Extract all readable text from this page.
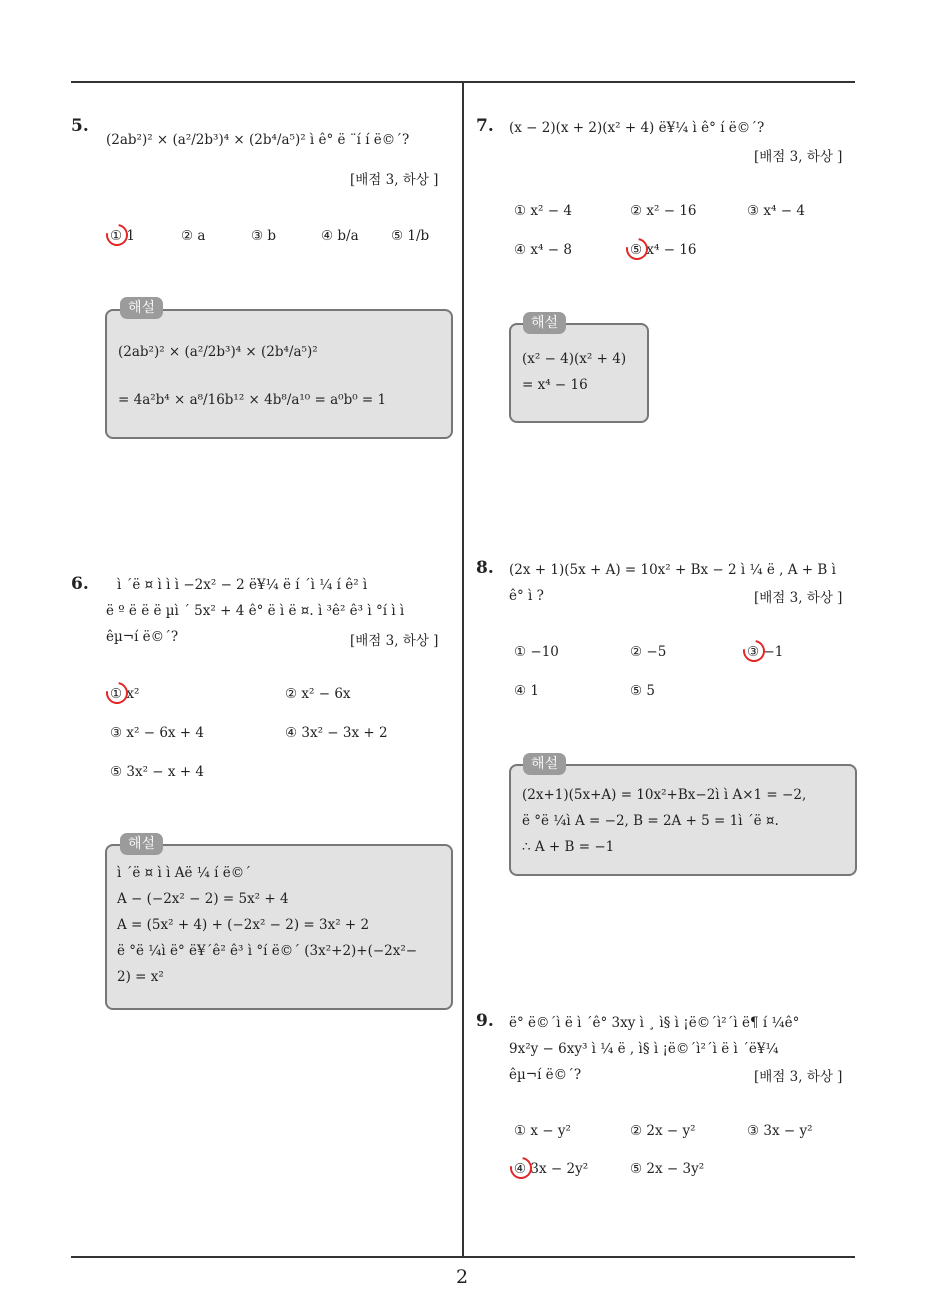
5.
(2ab²)² × (a²/2b³)⁴ × (2b⁴/a⁵)² ì ê° ë ¨í í ë©´?
[배점 3, 하상 ]
① 1	② a	③ b	④ b/a ⑤ 1/b
해설
(2ab²)² × (a²/2b³)⁴ × (2b⁴/a⁵)²
= 4a²b⁴ × a⁸/16b¹² × 4b⁸/a¹⁰ = a⁰b⁰ = 1
6. ì ´ë ¤ ì ì ì −2x² − 2 ë¥¼ ë í ´ì ¼ í ê² ì
ë º ë ë ë µì ´ 5x² + 4 ê° ë ì ë ¤. ì ³ê² ê³ ì °í ì ì
êµ¬í ë©´?	[배점 3, 하상 ]
① x²	② x² − 6x
③ x² − 6x + 4	④ 3x² − 3x + 2
⑤ 3x² − x + 4
해설
ì ´ë ¤ ì ì Aë ¼ í ë©´
A − (−2x² − 2) = 5x² + 4
A = (5x² + 4) + (−2x² − 2) = 3x² + 2
ë °ë ¼ì ë° ë¥´ê² ê³ ì °í ë©´ (3x²+2)+(−2x²−
2) = x²
7. (x − 2)(x + 2)(x² + 4) ë¥¼ ì ê° í ë©´?
[배점 3, 하상 ]
① x² − 4	② x² − 16	③ x⁴ − 4
④ x⁴ − 8	⑤ x⁴ − 16
해설
(x² − 4)(x² + 4)
= x⁴ − 16
8. (2x + 1)(5x + A) = 10x² + Bx − 2 ì ¼ ë , A + B ì
ê° ì ?	[배점 3, 하상 ]
① −10	② −5	③ −1
④ 1	⑤ 5
해설
(2x+1)(5x+A) = 10x²+Bx−2ì ì A×1 = −2,
ë °ë ¼ì A = −2, B = 2A + 5 = 1ì ´ë ¤.
∴ A + B = −1
9. ë° ë©´ì ë ì ´ê° 3xy ì ¸ ì§ ì ¡ë©´ì²´ì ë¶ í ¼ê°
9x²y − 6xy³ ì ¼ ë , ì§ ì ¡ë©´ì²´ì ë ì ´ë¥¼
êµ¬í ë©´?	[배점 3, 하상 ]
① x − y²	② 2x − y²	③ 3x − y²
④ 3x − 2y²	⑤ 2x − 3y²
2
